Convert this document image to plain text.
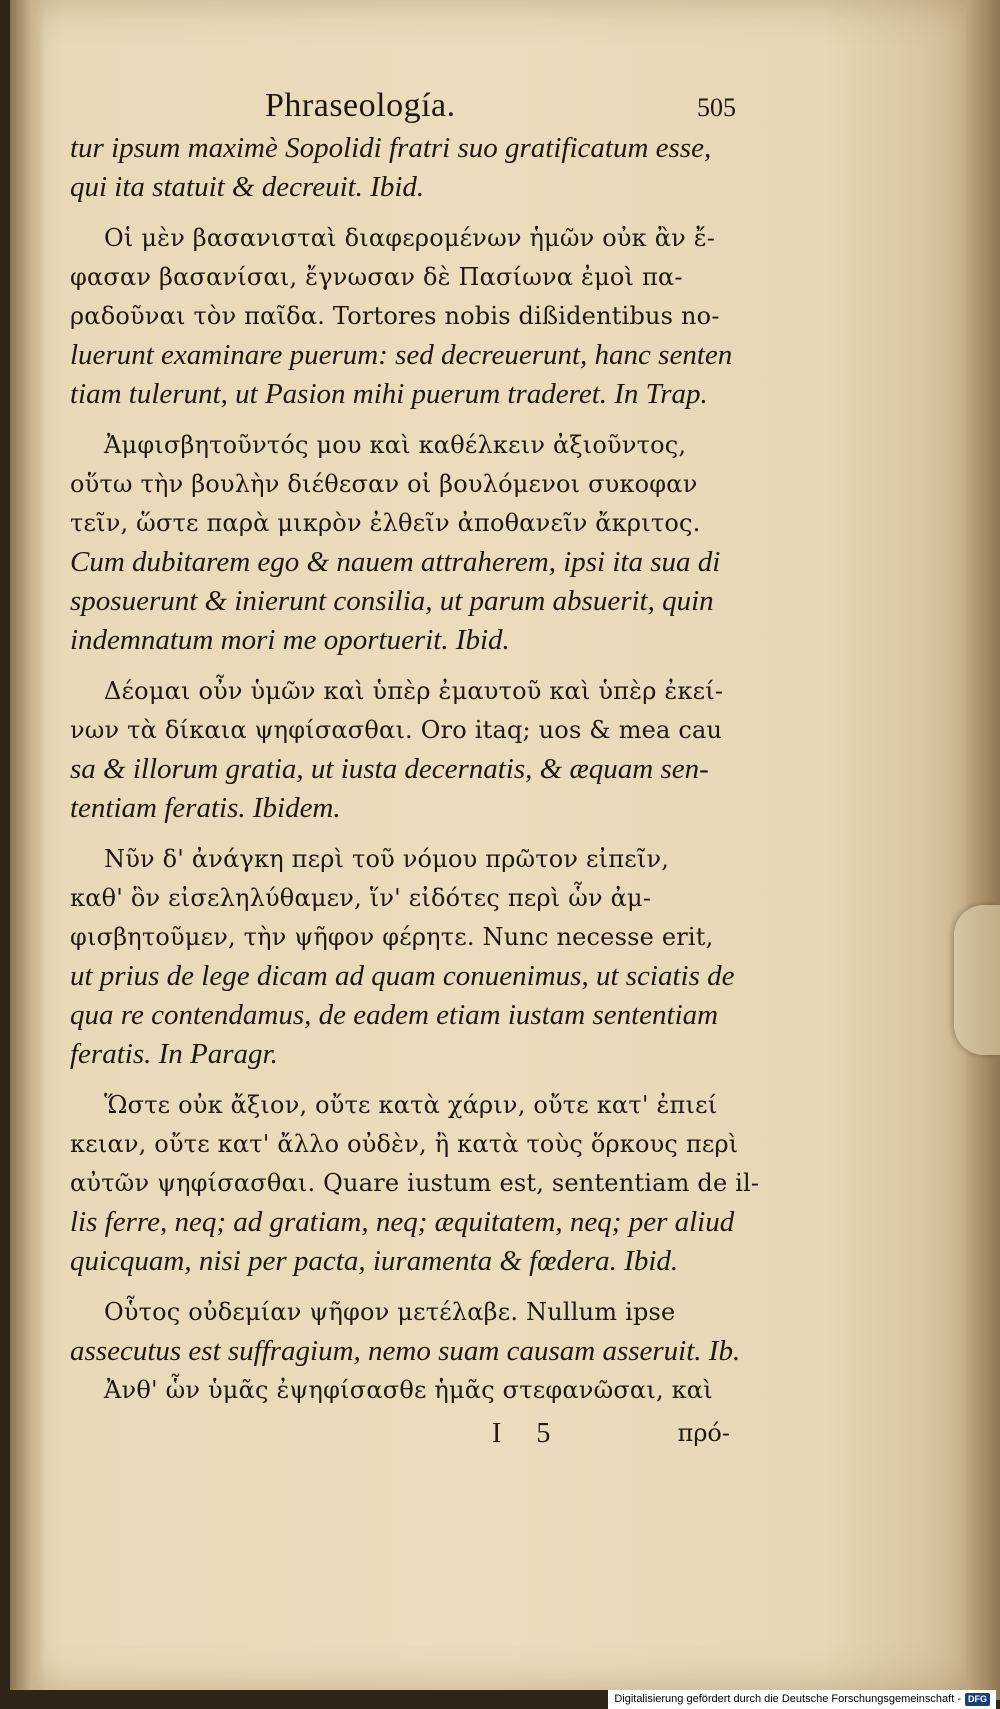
Phraseología.	505
tur ipsum maximè Sopolidi fratri suo gratificatum esse,
qui ita statuit & decreuit. Ibid.
Οἱ μὲν βασανισταὶ διαφερομένων ἡμῶν οὐκ ἂν ἔ-
φασαν βασανίσαι, ἔγνωσαν δὲ Πασίωνα ἐμοὶ πα-
ραδοῦναι τὸν παῖδα. Tortores nobis dißidentibus no-
luerunt examinare puerum: sed decreuerunt, hanc senten
tiam tulerunt, ut Pasion mihi puerum traderet. In Trap.
Ἀμφισβητοῦντός μου καὶ καθέλκειν ἀξιοῦντος,
οὕτω τὴν βουλὴν διέθεσαν οἱ βουλόμενοι συκοφαν
τεῖν, ὥστε παρὰ μικρὸν ἐλθεῖν ἀποθανεῖν ἄκριτος.
Cum dubitarem ego & nauem attraherem, ipsi ita sua di
sposuerunt & inierunt consilia, ut parum absuerit, quin
indemnatum mori me oportuerit. Ibid.
Δέομαι οὖν ὑμῶν καὶ ὑπὲρ ἐμαυτοῦ καὶ ὑπὲρ ἐκεί-
νων τὰ δίκαια ψηφίσασθαι. Oro itaq; uos & mea cau
sa & illorum gratia, ut iusta decernatis, & æquam sen-
tentiam feratis. Ibidem.
Νῦν δ' ἀνάγκη περὶ τοῦ νόμου πρῶτον εἰπεῖν,
καθ' ὃν εἰσεληλύθαμεν, ἵν' εἰδότες περὶ ὧν ἀμ-
φισβητοῦμεν, τὴν ψῆφον φέρητε. Nunc necesse erit,
ut prius de lege dicam ad quam conuenimus, ut sciatis de
qua re contendamus, de eadem etiam iustam sententiam
feratis. In Paragr.
Ὥστε οὐκ ἄξιον, οὔτε κατὰ χάριν, οὔτε κατ' ἐπιεί
κειαν, οὔτε κατ' ἄλλο οὐδὲν, ἢ κατὰ τοὺς ὅρκους περὶ
αὐτῶν ψηφίσασθαι. Quare iustum est, sententiam de il-
lis ferre, neq; ad gratiam, neq; æquitatem, neq; per aliud
quicquam, nisi per pacta, iuramenta & fœdera. Ibid.
Οὗτος οὐδεμίαν ψῆφον μετέλαβε. Nullum ipse
assecutus est suffragium, nemo suam causam asseruit. Ib.
Ἀνθ' ὧν ὑμᾶς ἐψηφίσασθε ἡμᾶς στεφανῶσαι, καὶ
I 5	πρό-
Digitalisierung gefördert durch die Deutsche Forschungsgemeinschaft - DFG
